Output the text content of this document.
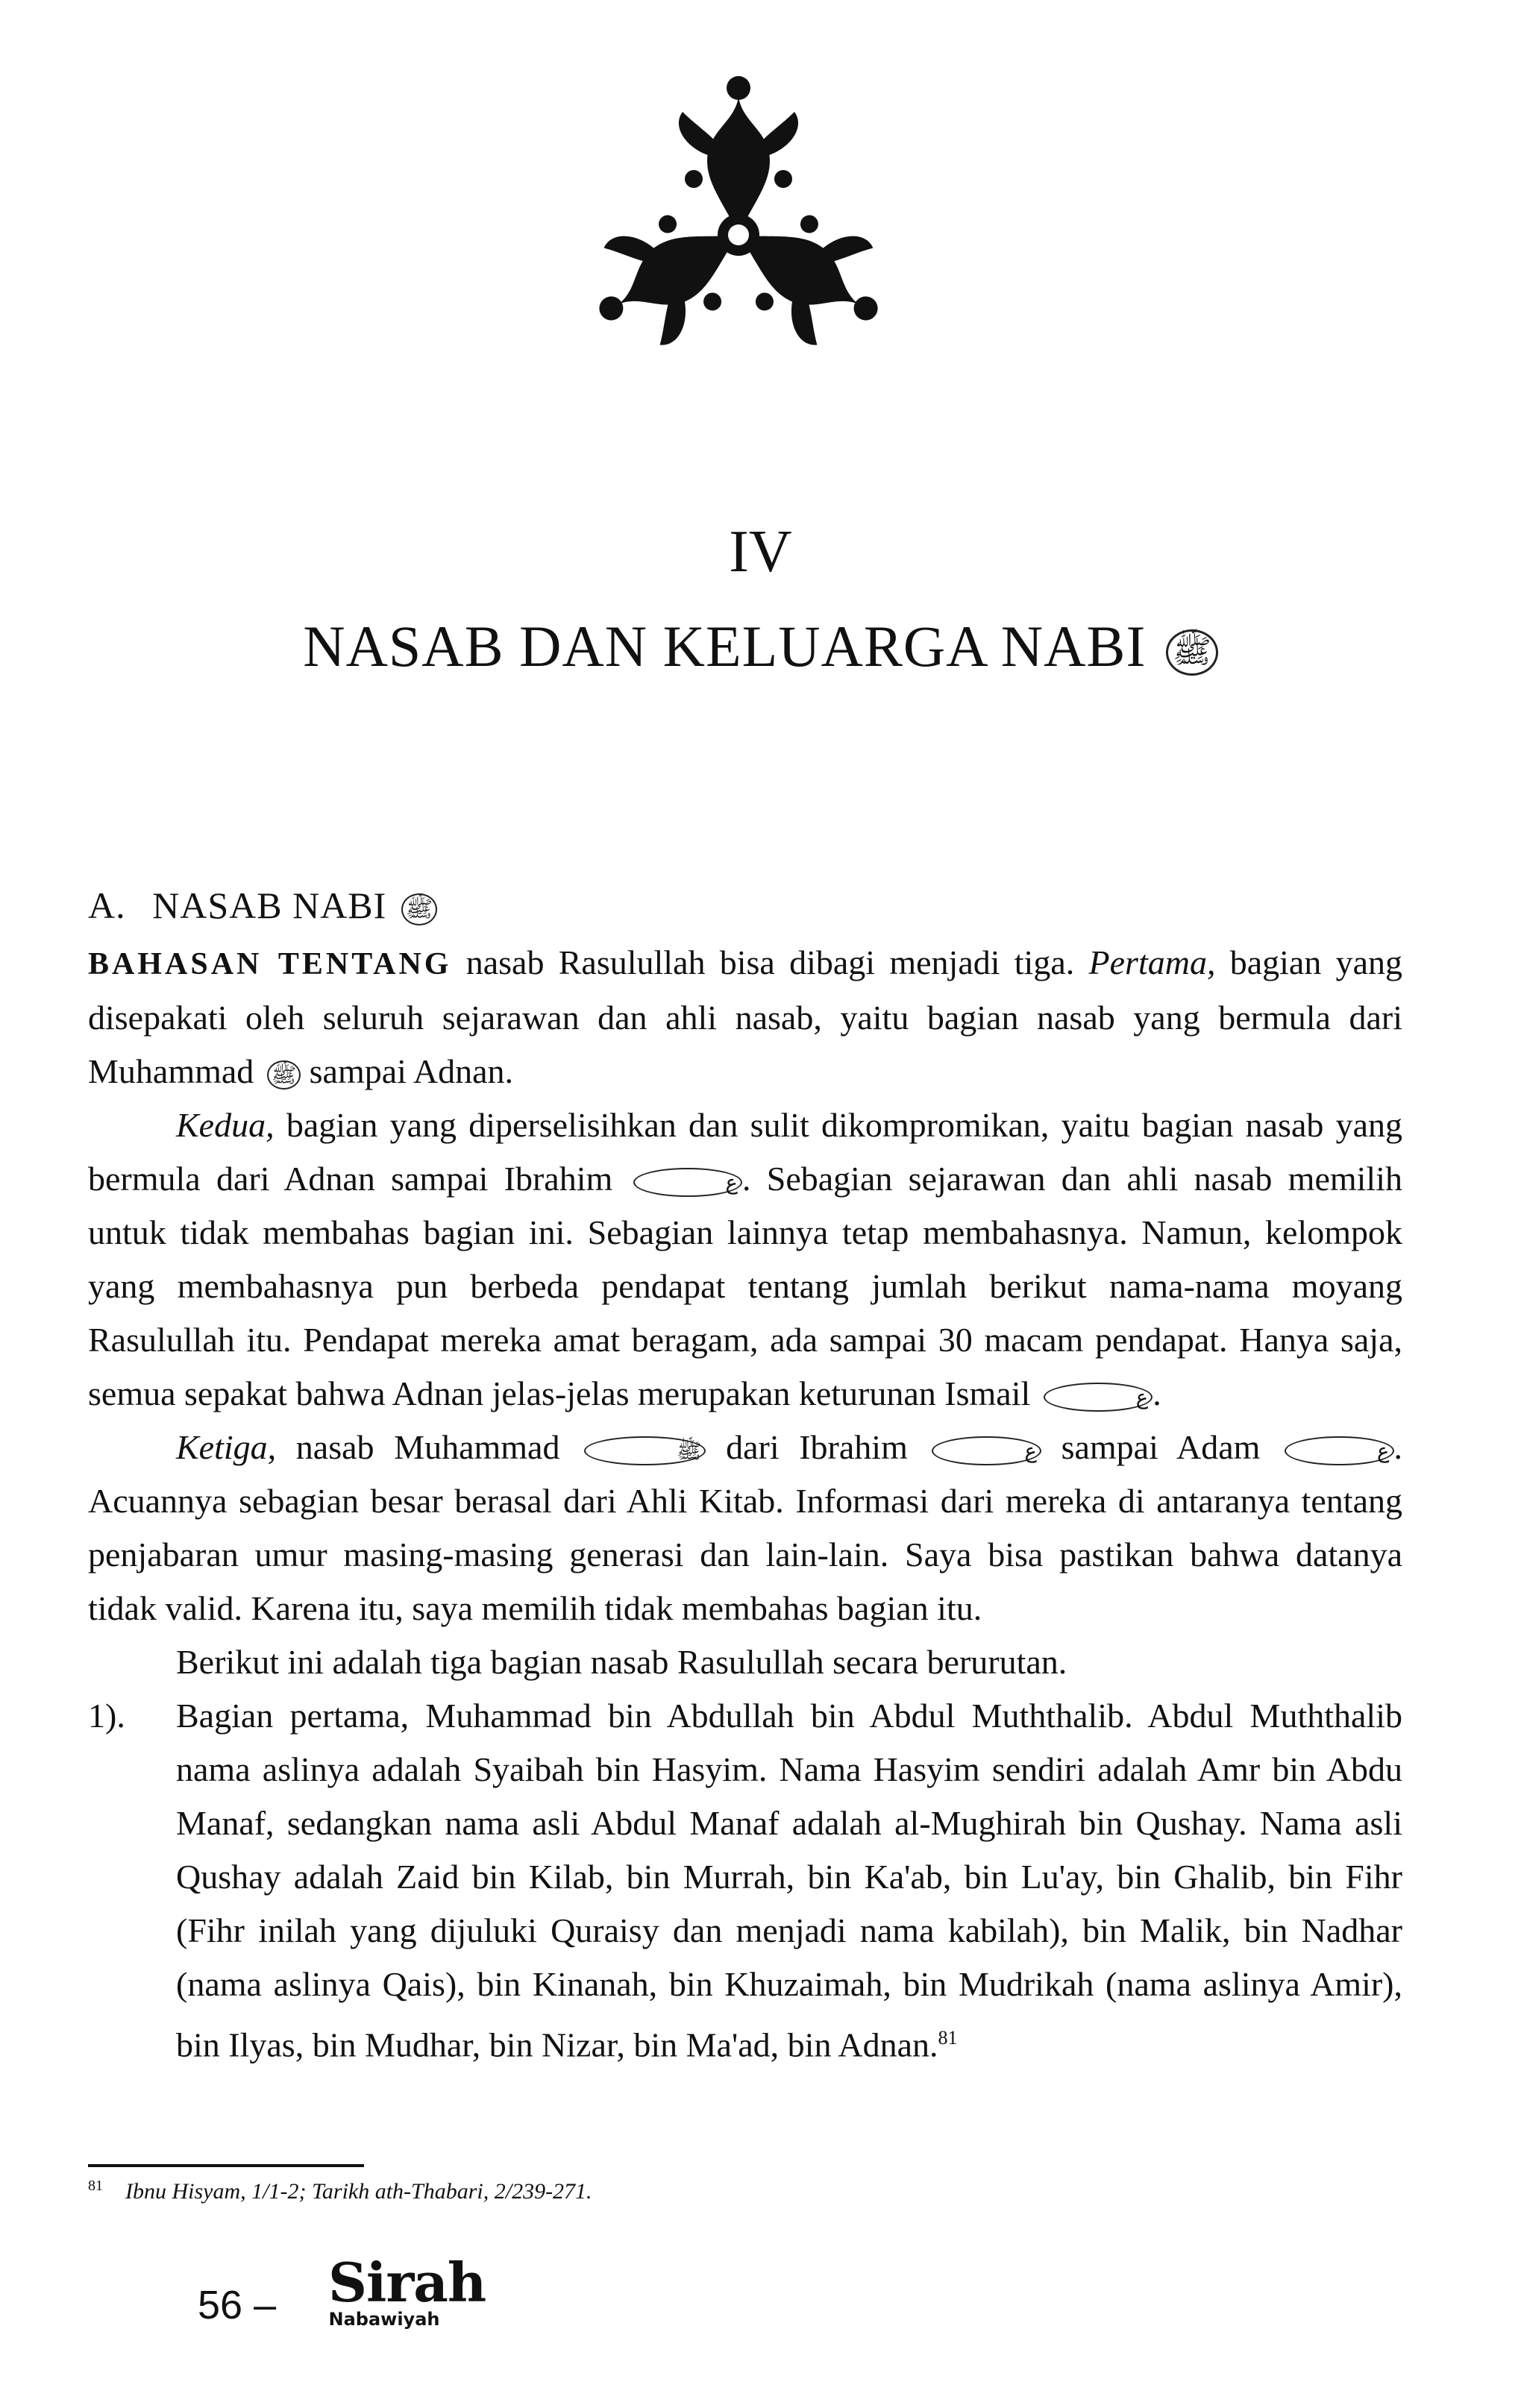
IV
NASAB DAN KELUARGA NABI ﷺ
A. NASAB NABI ﷺ

BAHASAN TENTANG nasab Rasulullah bisa dibagi menjadi tiga. Pertama, bagian yang disepakati oleh seluruh sejarawan dan ahli nasab, yaitu bagian nasab yang bermula dari Muhammad ﷺ sampai Adnan.

Kedua, bagian yang diperselisihkan dan sulit dikompromikan, yaitu bagian nasab yang bermula dari Adnan sampai Ibrahim	ع . Sebagian sejarawan dan ahli nasab memilih untuk tidak membahas bagian ini. Sebagian lainnya tetap membahasnya. Namun, kelompok yang membahasnya pun berbeda pendapat tentang jumlah berikut nama-nama moyang Rasulullah itu. Pendapat mereka amat beragam, ada sampai 30 macam pendapat. Hanya saja, semua sepakat bahwa Adnan jelas-jelas merupakan keturunan Ismail	ع .

Ketiga, nasab Muhammad	ﷺ dari Ibrahim	ع sampai Adam	ع . Acuannya sebagian besar berasal dari Ahli Kitab. Informasi dari mereka di antaranya tentang penjabaran umur masing-masing generasi dan lain-lain. Saya bisa pastikan bahwa datanya tidak valid. Karena itu, saya memilih tidak membahas bagian itu.

Berikut ini adalah tiga bagian nasab Rasulullah secara berurutan.

1). Bagian pertama, Muhammad bin Abdullah bin Abdul Muththalib. Abdul Muththalib nama aslinya adalah Syaibah bin Hasyim. Nama Hasyim sendiri adalah Amr bin Abdu Manaf, sedangkan nama asli Abdul Manaf adalah al-Mughirah bin Qushay. Nama asli Qushay adalah Zaid bin Kilab, bin Murrah, bin Ka'ab, bin Lu'ay, bin Ghalib, bin Fihr (Fihr inilah yang dijuluki Quraisy dan menjadi nama kabilah), bin Malik, bin Nadhar (nama aslinya Qais), bin Kinanah, bin Khuzaimah, bin Mudrikah (nama aslinya Amir), bin Ilyas, bin Mudhar, bin Nizar, bin Ma'ad, bin Adnan.$^{81}$

$^{81}$ Ibnu Hisyam, 1/1-2; Tarikh ath-Thabari, 2/239-271.
56 – Sirah
Nabawiyah
